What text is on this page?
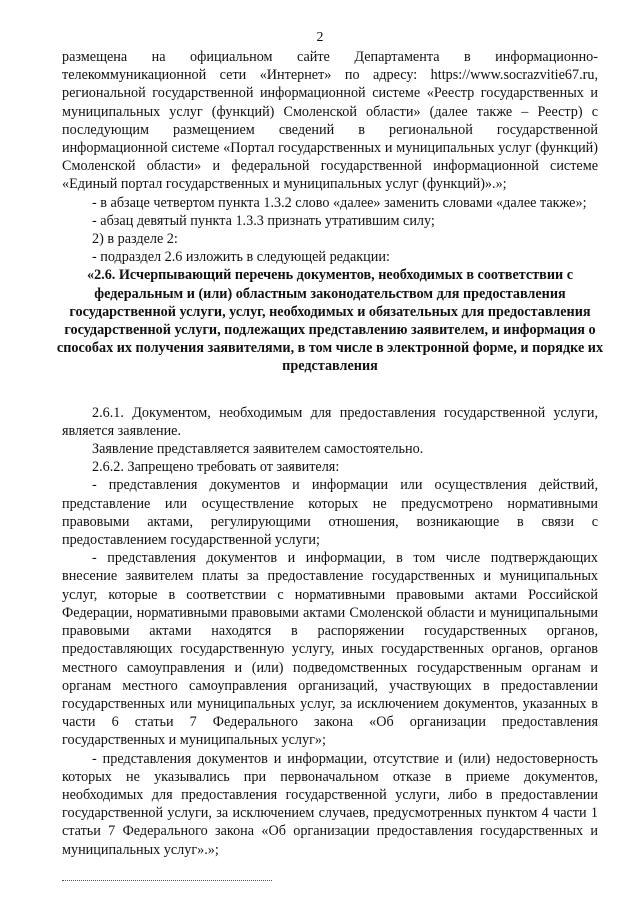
2

размещена на официальном сайте Департамента в информационно-телекоммуникационной сети «Интернет» по адресу: https://www.socrazvitie67.ru, региональной государственной информационной системе «Реестр государственных и муниципальных услуг (функций) Смоленской области» (далее также – Реестр) с последующим размещением сведений в региональной государственной информационной системе «Портал государственных и муниципальных услуг (функций) Смоленской области» и федеральной государственной информационной системе «Единый портал государственных и муниципальных услуг (функций)».»;

- в абзаце четвертом пункта 1.3.2 слово «далее» заменить словами «далее также»;

- абзац девятый пункта 1.3.3 признать утратившим силу;

2) в разделе 2:

- подраздел 2.6 изложить в следующей редакции:

«2.6. Исчерпывающий перечень документов, необходимых в соответствии с федеральным и (или) областным законодательством для предоставления государственной услуги, услуг, необходимых и обязательных для предоставления государственной услуги, подлежащих представлению заявителем, и информация о способах их получения заявителями, в том числе в электронной форме, и порядке их представления

2.6.1. Документом, необходимым для предоставления государственной услуги, является заявление.

Заявление представляется заявителем самостоятельно.

2.6.2. Запрещено требовать от заявителя:

- представления документов и информации или осуществления действий, представление или осуществление которых не предусмотрено нормативными правовыми актами, регулирующими отношения, возникающие в связи с предоставлением государственной услуги;

- представления документов и информации, в том числе подтверждающих внесение заявителем платы за предоставление государственных и муниципальных услуг, которые в соответствии с нормативными правовыми актами Российской Федерации, нормативными правовыми актами Смоленской области и муниципальными правовыми актами находятся в распоряжении государственных органов, предоставляющих государственную услугу, иных государственных органов, органов местного самоуправления и (или) подведомственных государственным органам и органам местного самоуправления организаций, участвующих в предоставлении государственных или муниципальных услуг, за исключением документов, указанных в части 6 статьи 7 Федерального закона «Об организации предоставления государственных и муниципальных услуг»;

- представления документов и информации, отсутствие и (или) недостоверность которых не указывались при первоначальном отказе в приеме документов, необходимых для предоставления государственной услуги, либо в предоставлении государственной услуги, за исключением случаев, предусмотренных пунктом 4 части 1 статьи 7 Федерального закона «Об организации предоставления государственных и муниципальных услуг».»;
